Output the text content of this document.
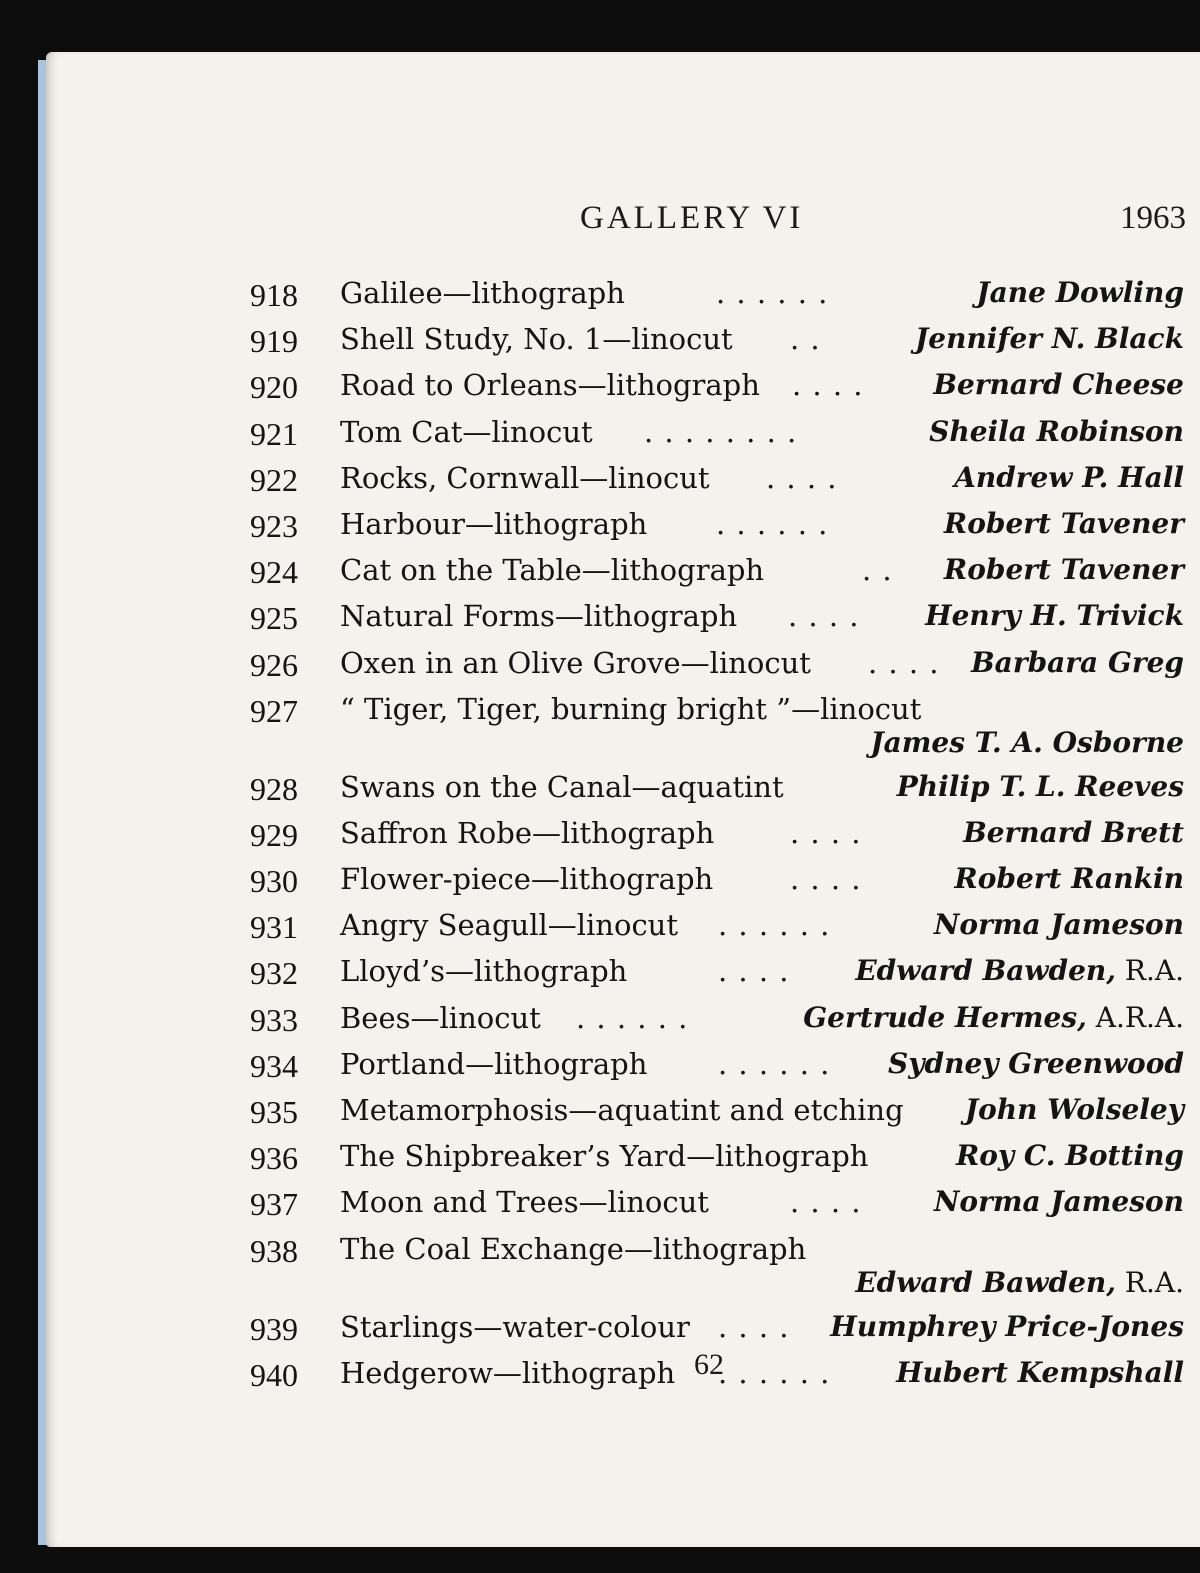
GALLERY VI	1963
918 Galilee—lithograph	. . . . . .	Jane Dowling
919 Shell Study, No. 1—linocut . .	Jennifer N. Black
920 Road to Orleans—lithograph . . . . Bernard Cheese
921 Tom Cat—linocut . . . . . . . .	Sheila Robinson
922 Rocks, Cornwall—linocut . . . .	Andrew P. Hall
923 Harbour—lithograph . . . . . .	Robert Tavener
924 Cat on the Table—lithograph	. . Robert Tavener
925 Natural Forms—lithograph . . . . Henry H. Trivick
926 Oxen in an Olive Grove—linocut . . . . Barbara Greg
927 “ Tiger, Tiger, burning bright ”—linocut
James T. A. Osborne
928 Swans on the Canal—aquatint	Philip T. L. Reeves
929 Saffron Robe—lithograph	. . . .	Bernard Brett
930 Flower-piece—lithograph	. . . .	Robert Rankin
931 Angry Seagull—linocut . . . . . .	Norma Jameson
932 Lloyd’s—lithograph	. . . . Edward Bawden, R.A.
933 Bees—linocut . . . . . .	Gertrude Hermes, A.R.A.
934 Portland—lithograph . . . . . . Sydney Greenwood
935 Metamorphosis—aquatint and etching John Wolseley
936 The Shipbreaker’s Yard—lithograph	Roy C. Botting
937 Moon and Trees—linocut	. . . .	Norma Jameson
938 The Coal Exchange—lithograph
Edward Bawden, R.A.
939 Starlings—water-colour . . . . Humphrey Price-Jones
940 Hedgerow—lithograph . . . . . . Hubert Kempshall
62
